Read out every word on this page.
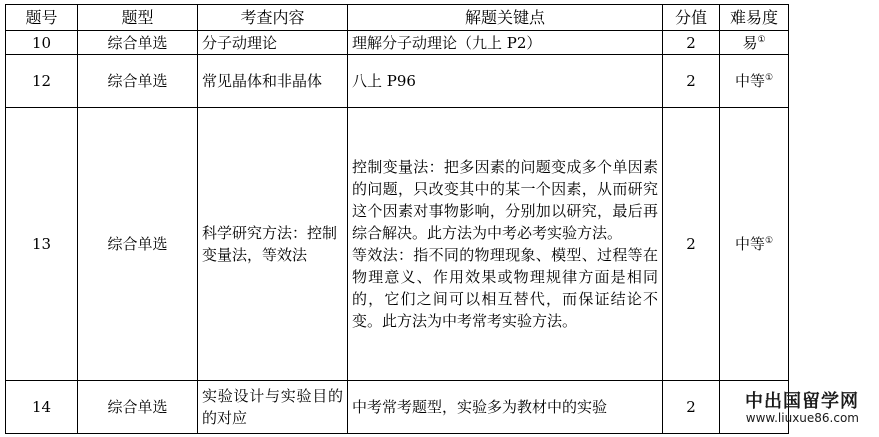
题号	题型	考查内容	解题关键点	分值	难易度
10	综合单选	分子动理论	理解分子动理论（九上 P2）	2	易①
12	综合单选	常见晶体和非晶体	八上 P96	2	中等①
13	综合单选	科学研究方法：控制变量法，等效法	控制变量法：把多因素的问题变成多个单因素的问题，只改变其中的某一个因素，从而研究这个因素对事物影响，分别加以研究，最后再综合解决。此方法为中考必考实验方法。
等效法：指不同的物理现象、模型、过程等在物理意义、作用效果或物理规律方面是相同的，它们之间可以相互替代，而保证结论不变。此方法为中考常考实验方法。	2	中等①
14	综合单选	实验设计与实验目的的对应	中考常考题型，实验多为教材中的实验	2		中出国留学网
www.liuxue86.com
